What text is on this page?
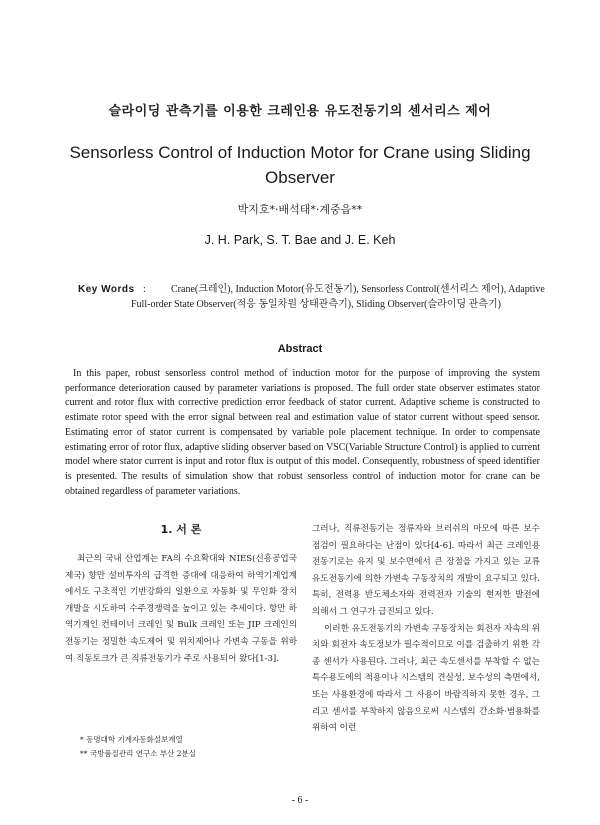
슬라이딩 관측기를 이용한 크레인용 유도전동기의 센서리스 제어
Sensorless Control of Induction Motor for Crane using Sliding Observer
박지호*·배석태*·계중읍**
J. H. Park, S. T. Bae and J. E. Keh
Key Words :	Crane(크레인), Induction Motor(유도전동기), Sensorless Control(센서리스 제어), Adaptive Full-order State Observer(적응 동일차원 상태관측기), Sliding Observer(슬라이딩 관측기)
Abstract

In this paper, robust sensorless control method of induction motor for the purpose of improving the system performance deterioration caused by parameter variations is proposed. The full order state observer estimates stator current and rotor flux with corrective prediction error feedback of stator current. Adaptive scheme is constructed to estimate rotor speed with the error signal between real and estimation value of stator current without speed sensor. Estimating error of stator current is compensated by variable pole placement technique. In order to compensate estimating error of rotor flux, adaptive sliding observer based on VSC(Variable Structure Control) is applied to current model where stator current is input and rotor flux is output of this model. Consequently, robustness of speed identifier is presented. The results of simulation show that robust sensorless control of induction motor for crane can be obtained regardless of parameter variations.

1. 서 론

최근의 국내 산업계는 FA의 수요확대와 NIES(신흥공업국제국) 향만 설비투자의 급격한 증대에 대응하여 하역기계업계에서도 구조적인 기반강화의 일환으로 자동화 및 무인화 장치개발을 시도하여 수주경쟁력을 높이고 있는 추세이다. 항만 하역기계인 컨테이너 크레인 및 Bulk 크레인 또는 JIP 크레인의 전동기는 정밀한 속도제어 및 위치제어나 가변속 구동을 위하여 직동토크가 큰 직류전동기가 주로 사용되어 왔다[1-3].

그러나, 직류전동기는 정류자와 브러쉬의 마모에 따른 보수 점검이 필요하다는 난점이 있다[4-6]. 따라서 최근 크레인용 전동기로는 유지 및 보수면에서 큰 장점을 가지고 있는 교류 유도전동기에 의한 가변속 구동장치의 개발이 요구되고 있다. 특히, 전력용 반도체소자와 전력전자 기술의 현저한 발전에 의해서 그 연구가 급진되고 있다.

이러한 유도전동기의 가변속 구동장치는 회전자 자속의 위치와 회전자 속도정보가 필수적이므로 이를 검출하기 위한 각종 센서가 사용된다. 그러나, 최근 속도센서를 부착할 수 없는 특수용도에의 적용이나 시스템의 견실성, 보수성의 측면에서, 또는 사용환경에 따라서 그 사용이 바람직하지 못한 경우, 그리고 센서를 부착하지 않음으로써 시스템의 간소화·범용화를 위하여 이런

* 동명대학 기계자동화설보계열
** 국방품질관리 연구소 부산 2분실
- 6 -
